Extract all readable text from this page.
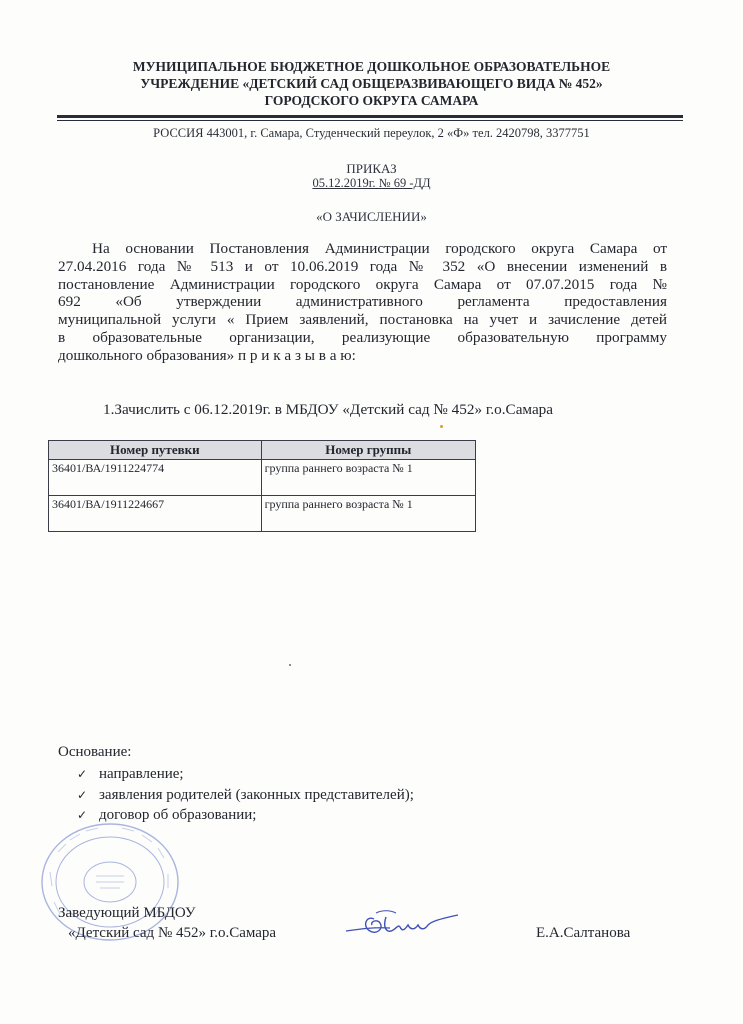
МУНИЦИПАЛЬНОЕ БЮДЖЕТНОЕ ДОШКОЛЬНОЕ ОБРАЗОВАТЕЛЬНОЕ
УЧРЕЖДЕНИЕ «ДЕТСКИЙ САД ОБЩЕРАЗВИВАЮЩЕГО ВИДА № 452»
ГОРОДСКОГО ОКРУГА САМАРА
РОССИЯ 443001, г. Самара, Студенческий переулок, 2 «Ф» тел. 2420798, 3377751
ПРИКАЗ
05.12.2019г. № 69 -ДД
«О ЗАЧИСЛЕНИИ»
На основании Постановления Администрации городского округа Самара от
27.04.2016 года № 513 и от 10.06.2019 года № 352 «О внесении изменений в
постановление Администрации городского округа Самара от 07.07.2015 года №
692 «Об утверждении административного регламента предоставления
муниципальной услуги « Прием заявлений, постановка на учет и зачисление детей
в образовательные организации, реализующие образовательную программу
дошкольного образования» п р и к а з ы в а ю:
1.Зачислить с 06.12.2019г. в МБДОУ «Детский сад № 452» г.о.Самара
Номер путевки	Номер группы
36401/ВА/1911224774	группа раннего возраста № 1
36401/ВА/1911224667	группа раннего возраста № 1
Основание:
✓ направление;
✓ заявления родителей (законных представителей);
✓ договор об образовании;
Заведующий МБДОУ
«Детский сад № 452» г.о.Самара	Е.А.Салтанова
